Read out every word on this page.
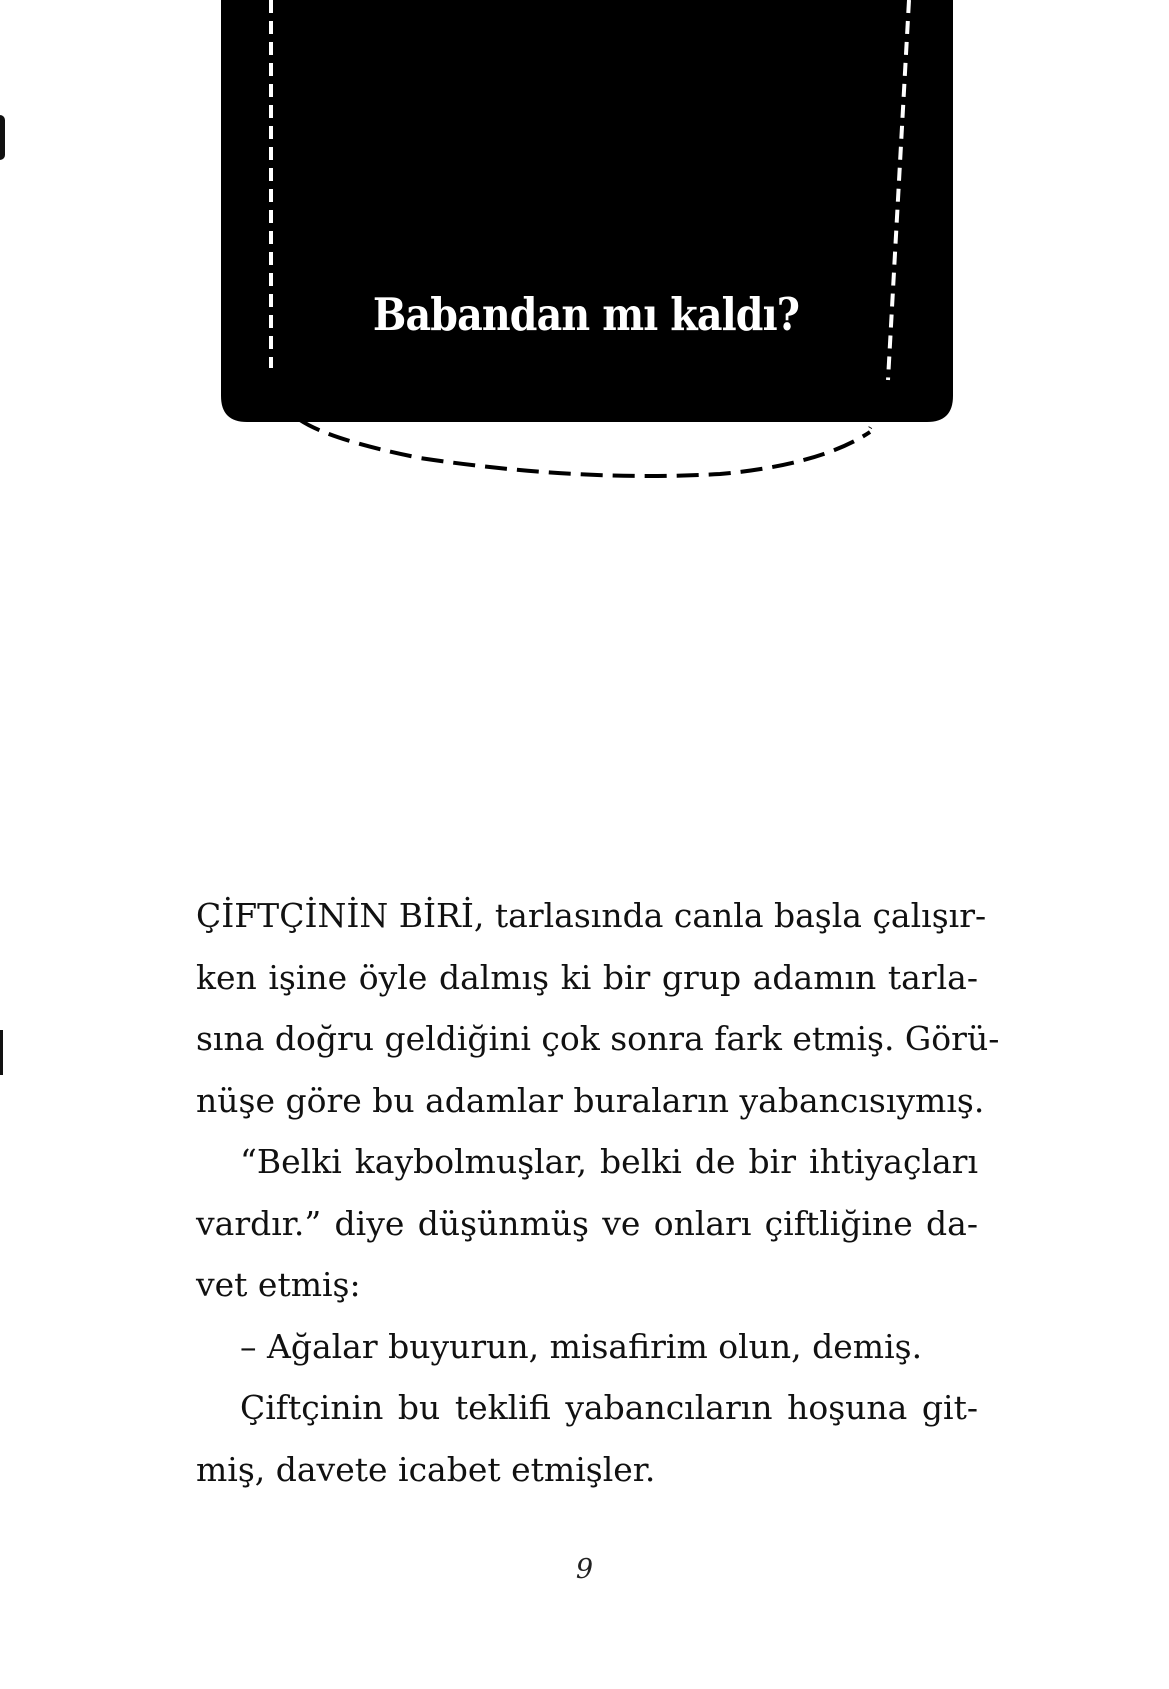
Babandan mı kaldı?
ÇİFTÇİNİN BİRİ, tarlasında canla başla çalışır-
ken işine öyle dalmış ki bir grup adamın tarla-
sına doğru geldiğini çok sonra fark etmiş. Görü-
nüşe göre bu adamlar buraların yabancısıymış.
“Belki kaybolmuşlar, belki de bir ihtiyaçları
vardır.” diye düşünmüş ve onları çiftliğine da-
vet etmiş:
– Ağalar buyurun, misafirim olun, demiş.
Çiftçinin bu teklifi yabancıların hoşuna git-
miş, davete icabet etmişler.
9
